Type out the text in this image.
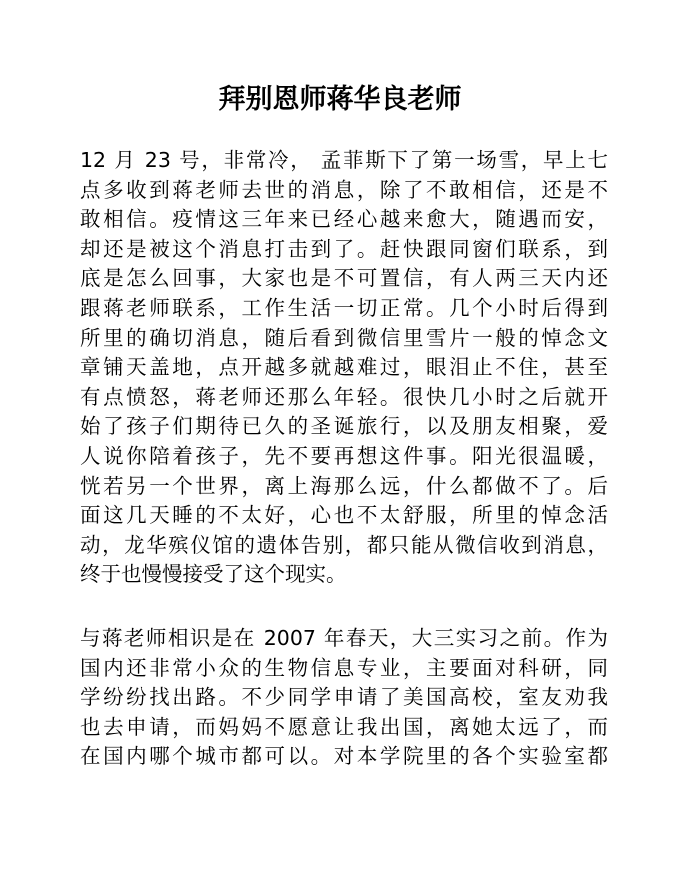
拜别恩师蒋华良老师
12 月 23 号，非常冷， 孟菲斯下了第一场雪，早上七
点多收到蒋老师去世的消息，除了不敢相信，还是不
敢相信。疫情这三年来已经心越来愈大，随遇而安，
却还是被这个消息打击到了。赶快跟同窗们联系，到
底是怎么回事，大家也是不可置信，有人两三天内还
跟蒋老师联系，工作生活一切正常。几个小时后得到
所里的确切消息，随后看到微信里雪片一般的悼念文
章铺天盖地，点开越多就越难过，眼泪止不住，甚至
有点愤怒，蒋老师还那么年轻。很快几小时之后就开
始了孩子们期待已久的圣诞旅行，以及朋友相聚，爱
人说你陪着孩子，先不要再想这件事。阳光很温暖，
恍若另一个世界，离上海那么远，什么都做不了。后
面这几天睡的不太好，心也不太舒服，所里的悼念活
动，龙华殡仪馆的遗体告别，都只能从微信收到消息，
终于也慢慢接受了这个现实。
与蒋老师相识是在 2007 年春天，大三实习之前。作为
国内还非常小众的生物信息专业，主要面对科研，同
学纷纷找出路。不少同学申请了美国高校，室友劝我
也去申请，而妈妈不愿意让我出国，离她太远了，而
在国内哪个城市都可以。对本学院里的各个实验室都
